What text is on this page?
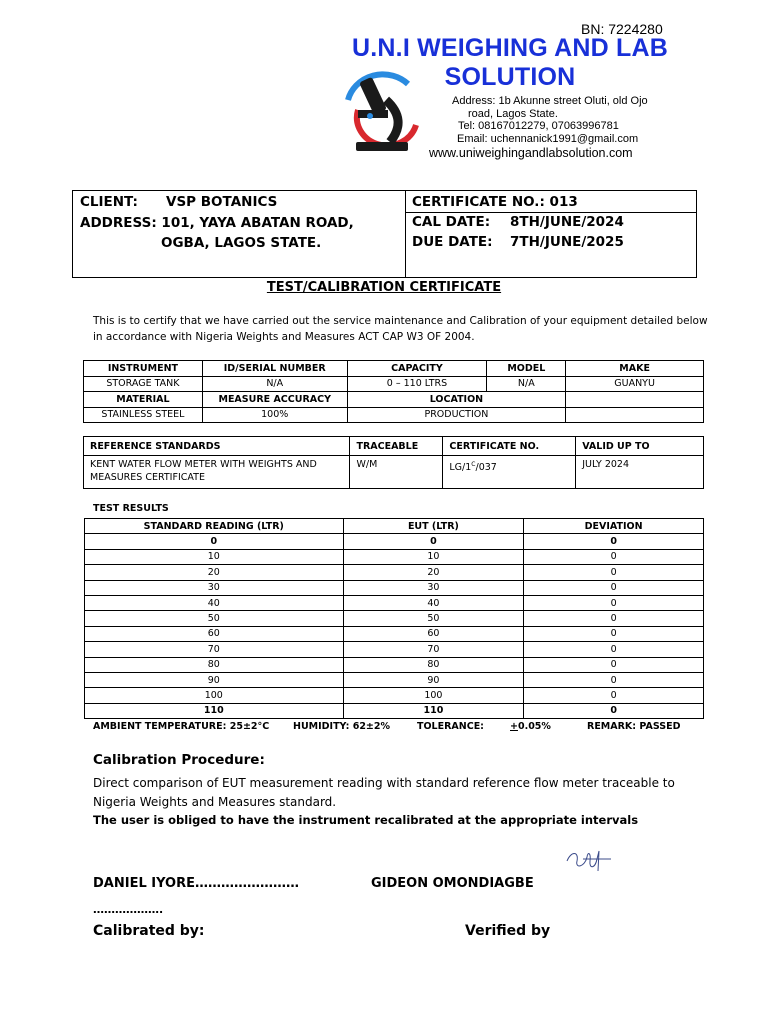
BN: 7224280
U.N.I WEIGHING AND LAB
SOLUTION
Address: 1b Akunne street Oluti, old Ojo
road, Lagos State.
Tel: 08167012279, 07063996781
Email: uchennanick1991@gmail.com
www.uniweighingandlabsolution.com
CLIENT: VSP BOTANICS
ADDRESS: 101, YAYA ABATAN ROAD,
OGBA, LAGOS STATE.
CERTIFICATE NO.: 013
CAL DATE: 8TH/JUNE/2024
DUE DATE: 7TH/JUNE/2025
TEST/CALIBRATION CERTIFICATE
This is to certify that we have carried out the service maintenance and Calibration of your equipment detailed below in accordance with Nigeria Weights and Measures ACT CAP W3 OF 2004.
INSTRUMENT	ID/SERIAL NUMBER	CAPACITY	MODEL	MAKE
STORAGE TANK	N/A	0 – 110 LTRS	N/A	GUANYU
MATERIAL	MEASURE ACCURACY	LOCATION		
STAINLESS STEEL	100%	PRODUCTION		
REFERENCE STANDARDS	TRACEABLE	CERTIFICATE NO.	VALID UP TO
KENT WATER FLOW METER WITH WEIGHTS AND MEASURES CERTIFICATE	W/M	$LG/1^C/037$	JULY 2024
TEST RESULTS
STANDARD READING (LTR)	EUT (LTR)	DEVIATION
0	0	0
10	10	0
20	20	0
30	30	0
40	40	0
50	50	0
60	60	0
70	70	0
80	80	0
90	90	0
100	100	0
110	110	0
AMBIENT TEMPERATURE: 25±2°C	HUMIDITY: 62±2%	TOLERANCE:	+ 0.05%	REMARK: PASSED
Calibration Procedure:
Direct comparison of EUT measurement reading with standard reference flow meter traceable to Nigeria Weights and Measures standard.
The user is obliged to have the instrument recalibrated at the appropriate intervals
DANIEL IYORE……………………	GIDEON OMONDIAGBE
……………….
Calibrated by:	Verified by
